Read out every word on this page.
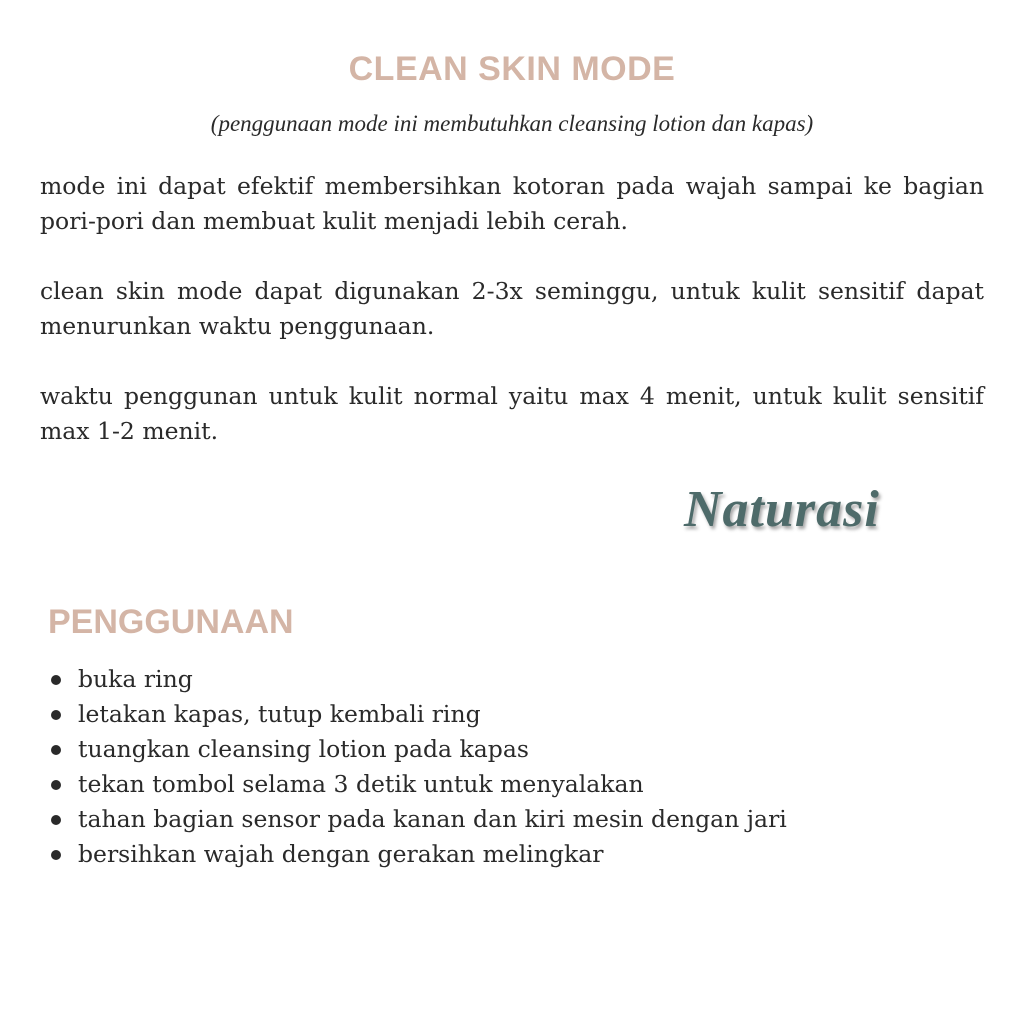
CLEAN SKIN MODE
(penggunaan mode ini membutuhkan cleansing lotion dan kapas)
mode ini dapat efektif membersihkan kotoran pada wajah sampai ke bagian pori-pori dan membuat kulit menjadi lebih cerah.
clean skin mode dapat digunakan 2-3x seminggu, untuk kulit sensitif dapat menurunkan waktu penggunaan.
waktu penggunan untuk kulit normal yaitu max 4 menit, untuk kulit sensitif max 1-2 menit.
Naturasi
PENGGUNAAN
buka ring
letakan kapas, tutup kembali ring
tuangkan cleansing lotion pada kapas
tekan tombol selama 3 detik untuk menyalakan
tahan bagian sensor pada kanan dan kiri mesin dengan jari
bersihkan wajah dengan gerakan melingkar
